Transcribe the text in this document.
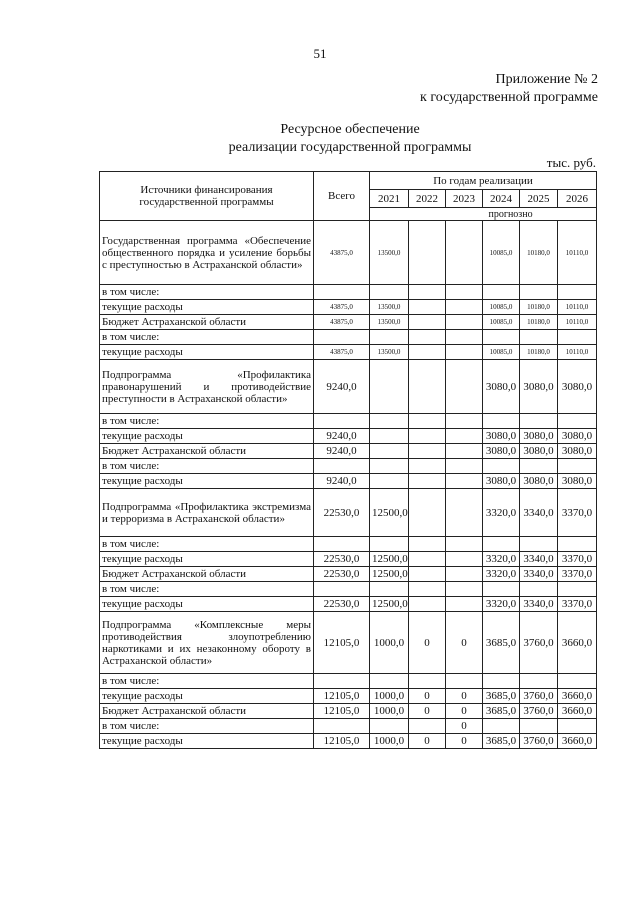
51
Приложение № 2
к государственной программе
Ресурсное обеспечение
реализации государственной программы
тыс. руб.
Источники финансирования государственной программы	Всего	По годам реализации					
		2021	2022	2023	2024	2025	2026
					прогнозно		
Государственная программа «Обеспечение общественного порядка и усиление борьбы с преступностью в Астраханской области»	43875,0	13500,0			10085,0	10180,0	10110,0
в том числе:							
текущие расходы	43875,0	13500,0			10085,0	10180,0	10110,0
Бюджет Астраханской области	43875,0	13500,0			10085,0	10180,0	10110,0
в том числе:							
текущие расходы	43875,0	13500,0			10085,0	10180,0	10110,0
Подпрограмма «Профилактика правонарушений и противодействие преступности в Астраханской области»	9240,0				3080,0	3080,0	3080,0
в том числе:							
текущие расходы	9240,0				3080,0	3080,0	3080,0
Бюджет Астраханской области	9240,0				3080,0	3080,0	3080,0
в том числе:							
текущие расходы	9240,0				3080,0	3080,0	3080,0
Подпрограмма «Профилактика экстремизма и терроризма в Астраханской области»	22530,0	12500,0			3320,0	3340,0	3370,0
в том числе:							
текущие расходы	22530,0	12500,0			3320,0	3340,0	3370,0
Бюджет Астраханской области	22530,0	12500,0			3320,0	3340,0	3370,0
в том числе:							
текущие расходы	22530,0	12500,0			3320,0	3340,0	3370,0
Подпрограмма «Комплексные меры противодействия злоупотреблению наркотиками и их незаконному обороту в Астраханской области»	12105,0	1000,0	0	0	3685,0	3760,0	3660,0
в том числе:							
текущие расходы	12105,0	1000,0	0	0	3685,0	3760,0	3660,0
Бюджет Астраханской области	12105,0	1000,0	0	0	3685,0	3760,0	3660,0
в том числе:				0			
текущие расходы	12105,0	1000,0	0	0	3685,0	3760,0	3660,0
